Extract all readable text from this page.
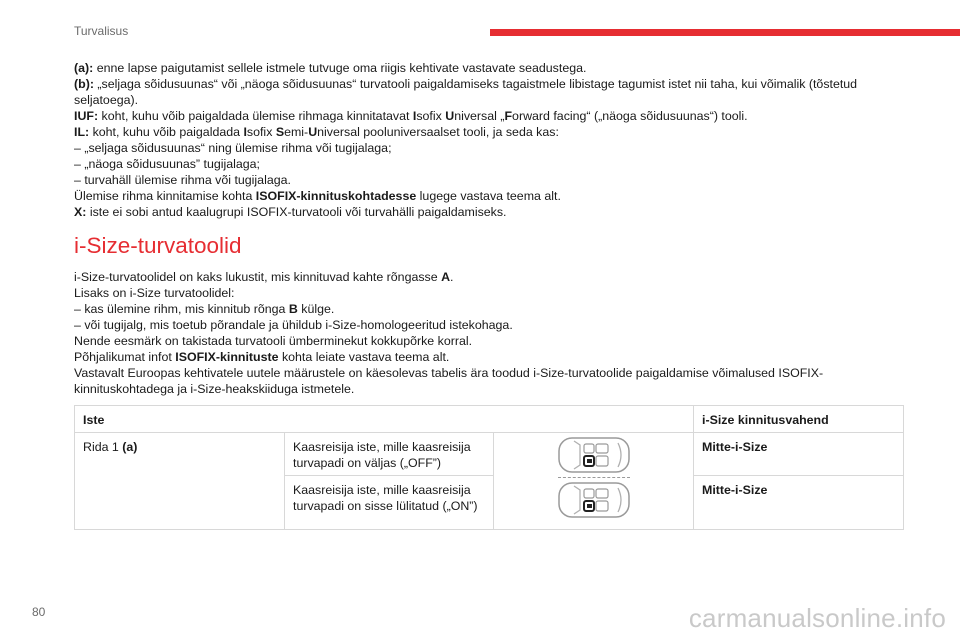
Turvalisus

(a): enne lapse paigutamist sellele istmele tutvuge oma riigis kehtivate vastavate seadustega.

(b): „seljaga sõidusuunas“ või „näoga sõidusuunas“ turvatooli paigaldamiseks tagaistmele libistage tagumist istet nii taha, kui võimalik (tõstetud seljatoega).

IUF: koht, kuhu võib paigaldada ülemise rihmaga kinnitatavat Isofix Universal „Forward facing“ („näoga sõidusuunas“) tooli.

IL: koht, kuhu võib paigaldada Isofix Semi-Universal pooluniversaalset tooli, ja seda kas:

– „seljaga sõidusuunas“ ning ülemise rihma või tugijalaga;

– „näoga sõidusuunas” tugijalaga;

– turvahäll ülemise rihma või tugijalaga.

Ülemise rihma kinnitamise kohta ISOFIX-kinnituskohtadesse lugege vastava teema alt.

X: iste ei sobi antud kaalugrupi ISOFIX-turvatooli või turvahälli paigaldamiseks.

i-Size-turvatoolid

i-Size-turvatoolidel on kaks lukustit, mis kinnituvad kahte rõngasse A.

Lisaks on i-Size turvatoolidel:

– kas ülemine rihm, mis kinnitub rõnga B külge.

– või tugijalg, mis toetub põrandale ja ühildub i-Size-homologeeritud istekohaga.

Nende eesmärk on takistada turvatooli ümberminekut kokkupõrke korral.

Põhjalikumat infot ISOFIX-kinnituste kohta leiate vastava teema alt.

Vastavalt Euroopas kehtivatele uutele määrustele on käesolevas tabelis ära toodud i-Size-turvatoolide paigaldamise võimalused ISOFIX-kinnituskohtadega ja i-Size-heakskiiduga istmetele.

Iste			i-Size kinnitusvahend
Rida 1 (a)	Kaasreisija iste, mille kaasreisija turvapadi on väljas („OFF”)		Mitte-i-Size
	Kaasreisija iste, mille kaasreisija turvapadi on sisse lülitatud („ON”)		Mitte-i-Size
80	carmanualsonline.info
